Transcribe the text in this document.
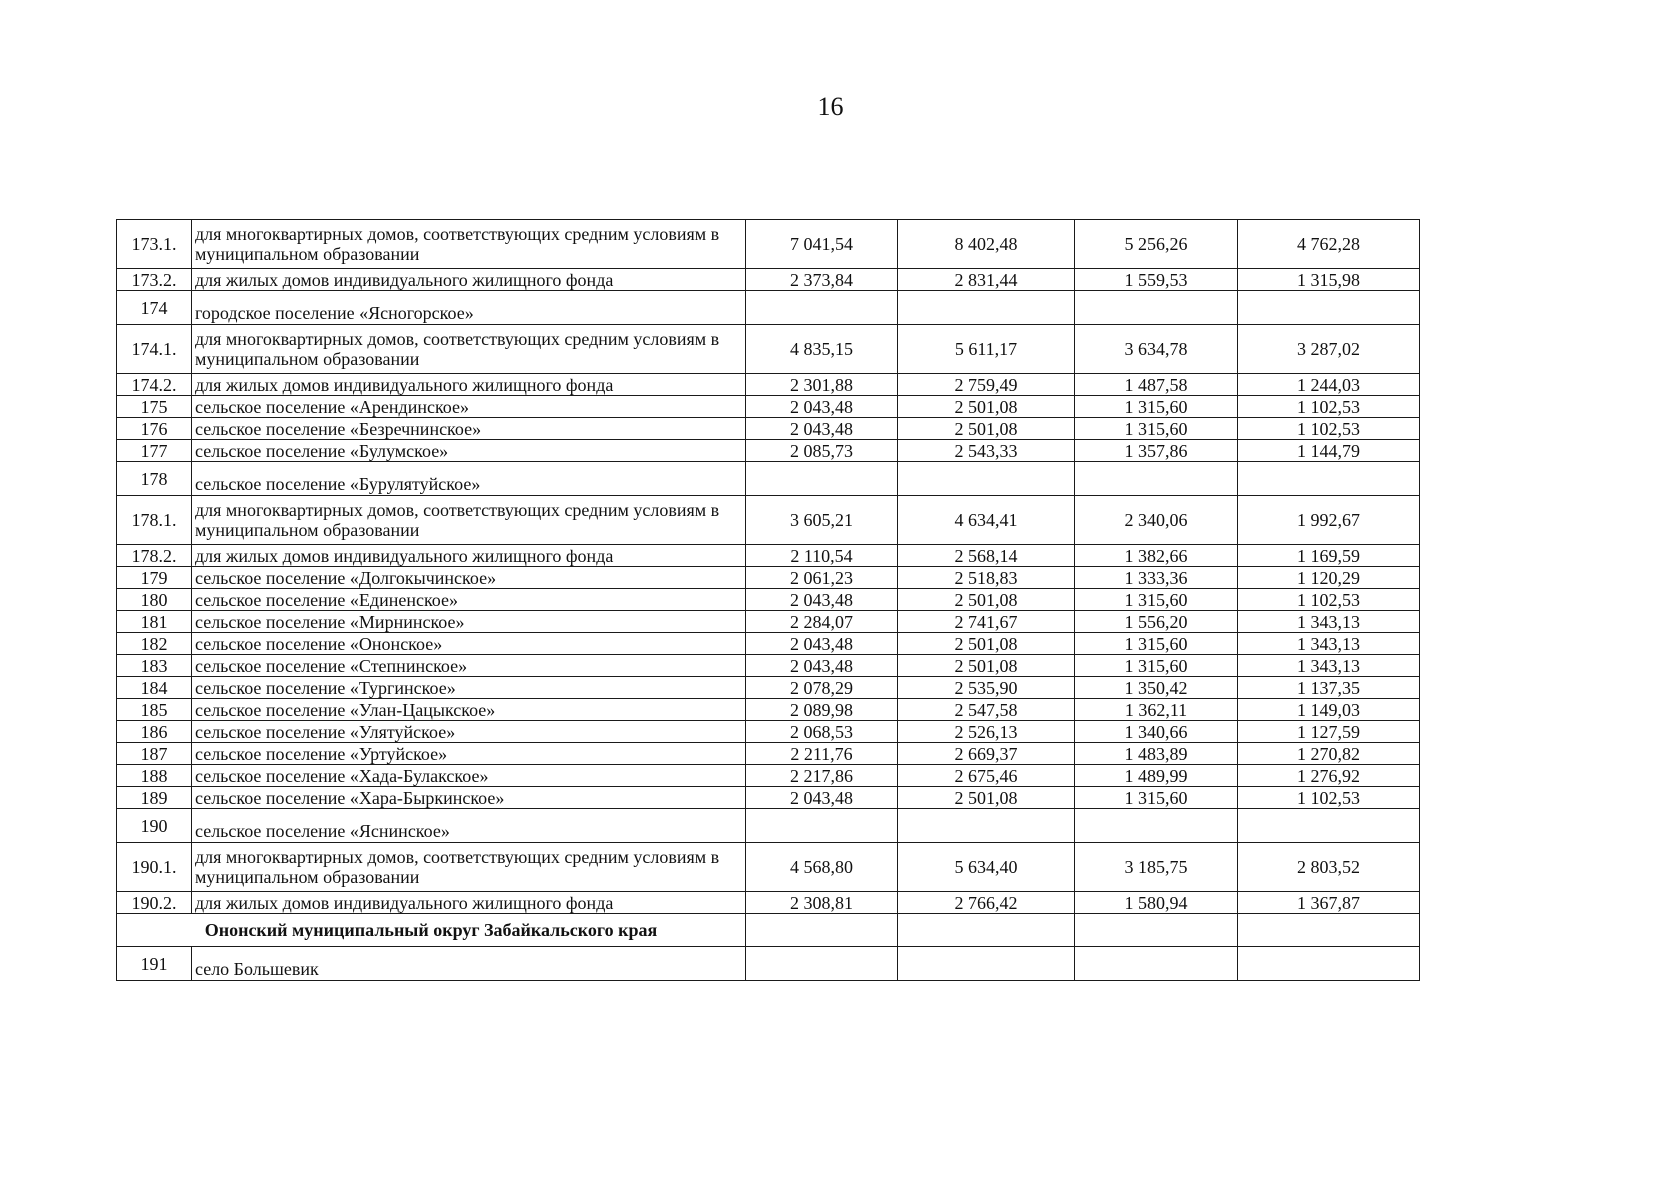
16
173.1.	для многоквартирных домов, соответствующих средним условиям в муниципальном образовании	7 041,54	8 402,48	5 256,26	4 762,28
173.2.	для жилых домов индивидуального жилищного фонда	2 373,84	2 831,44	1 559,53	1 315,98
174	городское поселение «Ясногорское»				
174.1.	для многоквартирных домов, соответствующих средним условиям в муниципальном образовании	4 835,15	5 611,17	3 634,78	3 287,02
174.2.	для жилых домов индивидуального жилищного фонда	2 301,88	2 759,49	1 487,58	1 244,03
175	сельское поселение «Арендинское»	2 043,48	2 501,08	1 315,60	1 102,53
176	сельское поселение «Безречнинское»	2 043,48	2 501,08	1 315,60	1 102,53
177	сельское поселение «Булумское»	2 085,73	2 543,33	1 357,86	1 144,79
178	сельское поселение «Бурулятуйское»				
178.1.	для многоквартирных домов, соответствующих средним условиям в муниципальном образовании	3 605,21	4 634,41	2 340,06	1 992,67
178.2.	для жилых домов индивидуального жилищного фонда	2 110,54	2 568,14	1 382,66	1 169,59
179	сельское поселение «Долгокычинское»	2 061,23	2 518,83	1 333,36	1 120,29
180	сельское поселение «Единенское»	2 043,48	2 501,08	1 315,60	1 102,53
181	сельское поселение «Мирнинское»	2 284,07	2 741,67	1 556,20	1 343,13
182	сельское поселение «Ононское»	2 043,48	2 501,08	1 315,60	1 343,13
183	сельское поселение «Степнинское»	2 043,48	2 501,08	1 315,60	1 343,13
184	сельское поселение «Тургинское»	2 078,29	2 535,90	1 350,42	1 137,35
185	сельское поселение «Улан-Цацыкское»	2 089,98	2 547,58	1 362,11	1 149,03
186	сельское поселение «Улятуйское»	2 068,53	2 526,13	1 340,66	1 127,59
187	сельское поселение «Уртуйское»	2 211,76	2 669,37	1 483,89	1 270,82
188	сельское поселение «Хада-Булакское»	2 217,86	2 675,46	1 489,99	1 276,92
189	сельское поселение «Хара-Быркинское»	2 043,48	2 501,08	1 315,60	1 102,53
190	сельское поселение «Яснинское»				
190.1.	для многоквартирных домов, соответствующих средним условиям в муниципальном образовании	4 568,80	5 634,40	3 185,75	2 803,52
190.2.	для жилых домов индивидуального жилищного фонда	2 308,81	2 766,42	1 580,94	1 367,87
Ононский муниципальный округ Забайкальского края					
191	село Большевик				
